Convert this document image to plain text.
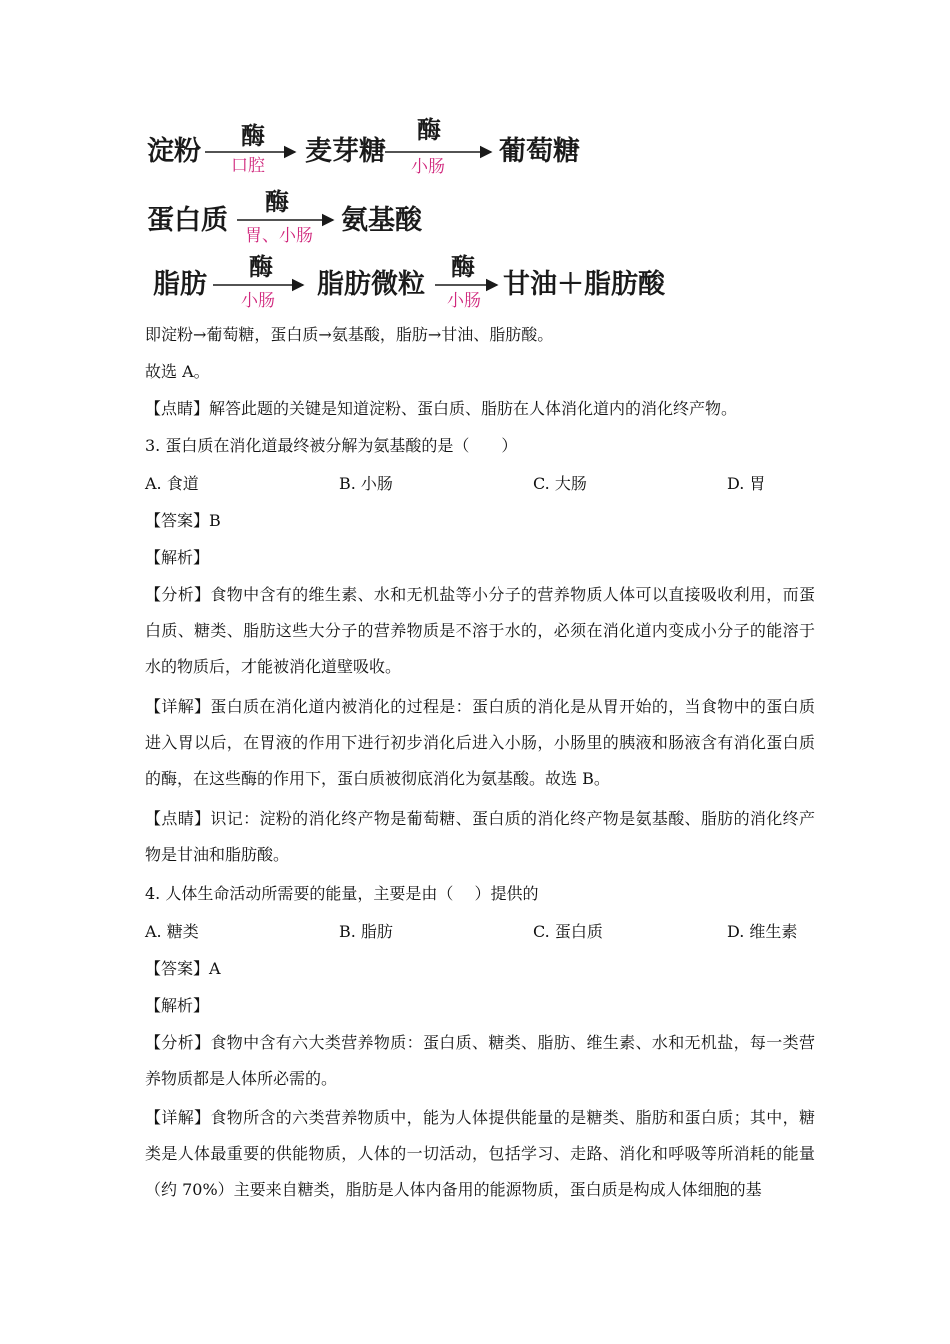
淀粉 酶
口腔 麦芽糖
酶
小肠 葡萄糖
蛋白质
酶
胃、小肠 氨基酸
脂肪
酶
小肠
脂肪微粒
酶
小肠
甘油＋脂肪酸
即淀粉→葡萄糖，蛋白质→氨基酸，脂肪→甘油、脂肪酸。
故选 A。
【点睛】解答此题的关键是知道淀粉、蛋白质、脂肪在人体消化道内的消化终产物。
3. 蛋白质在消化道最终被分解为氨基酸的是（　　）
A. 食道	B. 小肠	C. 大肠	D. 胃
【答案】B
【解析】
【分析】食物中含有的维生素、水和无机盐等小分子的营养物质人体可以直接吸收利用，而蛋白质、糖类、脂肪这些大分子的营养物质是不溶于水的，必须在消化道内变成小分子的能溶于水的物质后，才能被消化道壁吸收。
【详解】蛋白质在消化道内被消化的过程是：蛋白质的消化是从胃开始的，当食物中的蛋白质进入胃以后，在胃液的作用下进行初步消化后进入小肠，小肠里的胰液和肠液含有消化蛋白质的酶，在这些酶的作用下，蛋白质被彻底消化为氨基酸。故选 B。
【点睛】识记：淀粉的消化终产物是葡萄糖、蛋白质的消化终产物是氨基酸、脂肪的消化终产物是甘油和脂肪酸。
4. 人体生命活动所需要的能量，主要是由（　 ）提供的
A. 糖类	B. 脂肪	C. 蛋白质	D. 维生素
【答案】A
【解析】
【分析】食物中含有六大类营养物质：蛋白质、糖类、脂肪、维生素、水和无机盐，每一类营养物质都是人体所必需的。
【详解】食物所含的六类营养物质中，能为人体提供能量的是糖类、脂肪和蛋白质；其中，糖类是人体最重要的供能物质，人体的一切活动，包括学习、走路、消化和呼吸等所消耗的能量（约 70%）主要来自糖类，脂肪是人体内备用的能源物质，蛋白质是构成人体细胞的基
